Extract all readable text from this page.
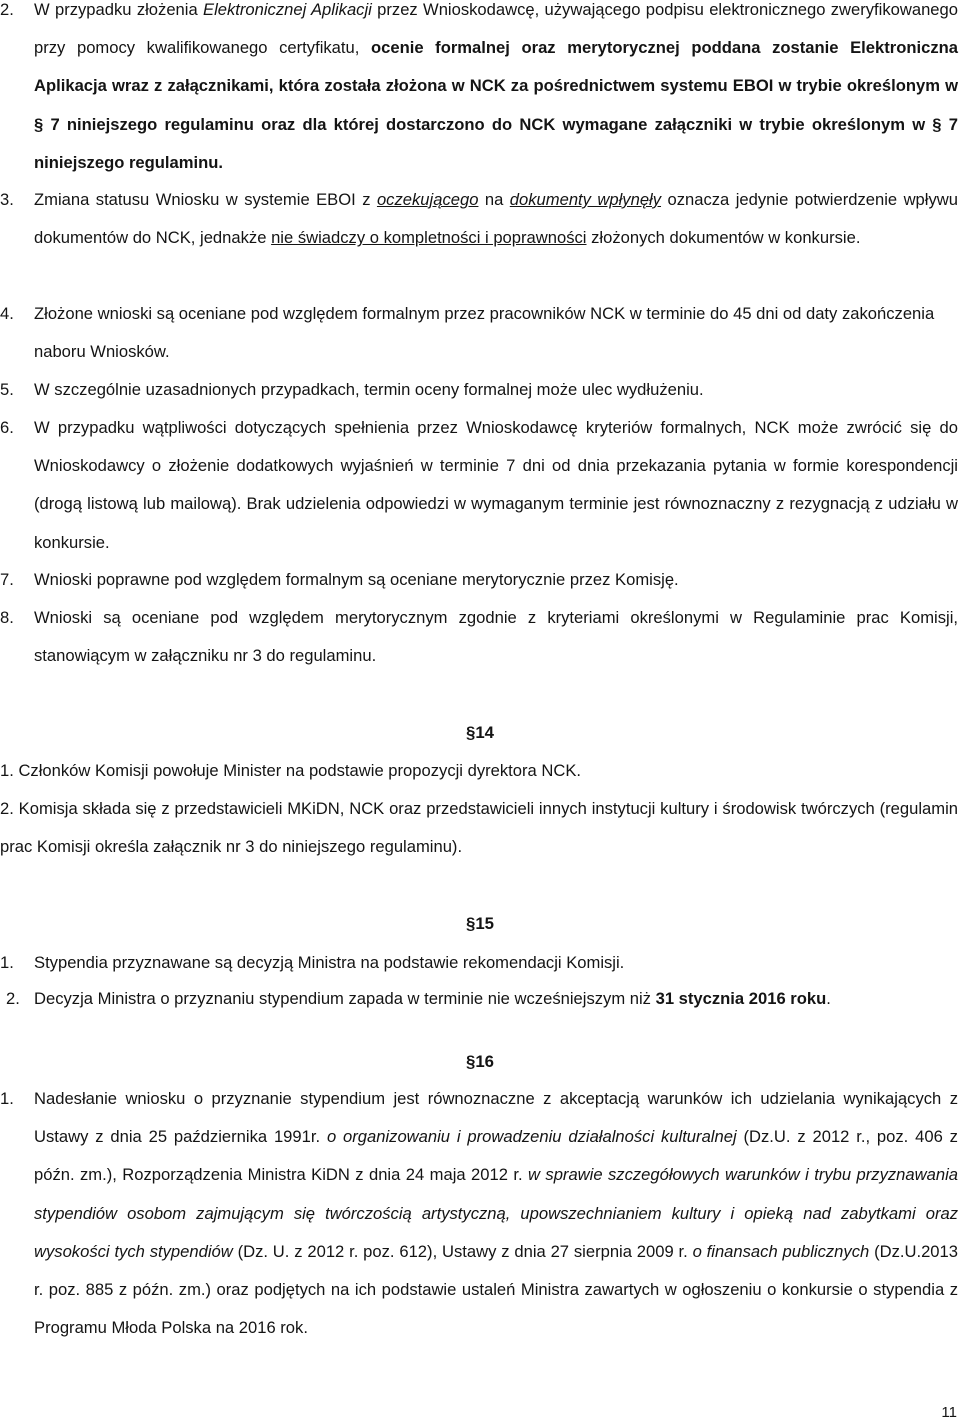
2. W przypadku złożenia Elektronicznej Aplikacji przez Wnioskodawcę, używającego podpisu elektronicznego zweryfikowanego przy pomocy kwalifikowanego certyfikatu, ocenie formalnej oraz merytorycznej poddana zostanie Elektroniczna Aplikacja wraz z załącznikami, która została złożona w NCK za pośrednictwem systemu EBOI w trybie określonym w § 7 niniejszego regulaminu oraz dla której dostarczono do NCK wymagane załączniki w trybie określonym w § 7 niniejszego regulaminu.

3. Zmiana statusu Wniosku w systemie EBOI z oczekującego na dokumenty wpłynęły oznacza jedynie potwierdzenie wpływu dokumentów do NCK, jednakże nie świadczy o kompletności i poprawności złożonych dokumentów w konkursie.

4. Złożone wnioski są oceniane pod względem formalnym przez pracowników NCK w terminie do 45 dni od daty zakończenia naboru Wniosków.

5. W szczególnie uzasadnionych przypadkach, termin oceny formalnej może ulec wydłużeniu.

6. W przypadku wątpliwości dotyczących spełnienia przez Wnioskodawcę kryteriów formalnych, NCK może zwrócić się do Wnioskodawcy o złożenie dodatkowych wyjaśnień w terminie 7 dni od dnia przekazania pytania w formie korespondencji (drogą listową lub mailową). Brak udzielenia odpowiedzi w wymaganym terminie jest równoznaczny z rezygnacją z udziału w konkursie.

7. Wnioski poprawne pod względem formalnym są oceniane merytorycznie przez Komisję.

8. Wnioski są oceniane pod względem merytorycznym zgodnie z kryteriami określonymi w Regulaminie prac Komisji, stanowiącym w załączniku nr 3 do regulaminu.

§14

1. Członków Komisji powołuje Minister na podstawie propozycji dyrektora NCK.

2. Komisja składa się z przedstawicieli MKiDN, NCK oraz przedstawicieli innych instytucji kultury i środowisk twórczych (regulamin prac Komisji określa załącznik nr 3 do niniejszego regulaminu).

§15

1. Stypendia przyznawane są decyzją Ministra na podstawie rekomendacji Komisji.

2. Decyzja Ministra o przyznaniu stypendium zapada w terminie nie wcześniejszym niż 31 stycznia 2016 roku.

§16

1. Nadesłanie wniosku o przyznanie stypendium jest równoznaczne z akceptacją warunków ich udzielania wynikających z Ustawy z dnia 25 października 1991r. o organizowaniu i prowadzeniu działalności kulturalnej (Dz.U. z 2012 r., poz. 406 z późn. zm.), Rozporządzenia Ministra KiDN z dnia 24 maja 2012 r. w sprawie szczegółowych warunków i trybu przyznawania stypendiów osobom zajmującym się twórczością artystyczną, upowszechnianiem kultury i opieką nad zabytkami oraz wysokości tych stypendiów (Dz. U. z 2012 r. poz. 612), Ustawy z dnia 27 sierpnia 2009 r. o finansach publicznych (Dz.U.2013 r. poz. 885 z późn. zm.) oraz podjętych na ich podstawie ustaleń Ministra zawartych w ogłoszeniu o konkursie o stypendia z Programu Młoda Polska na 2016 rok.

11
